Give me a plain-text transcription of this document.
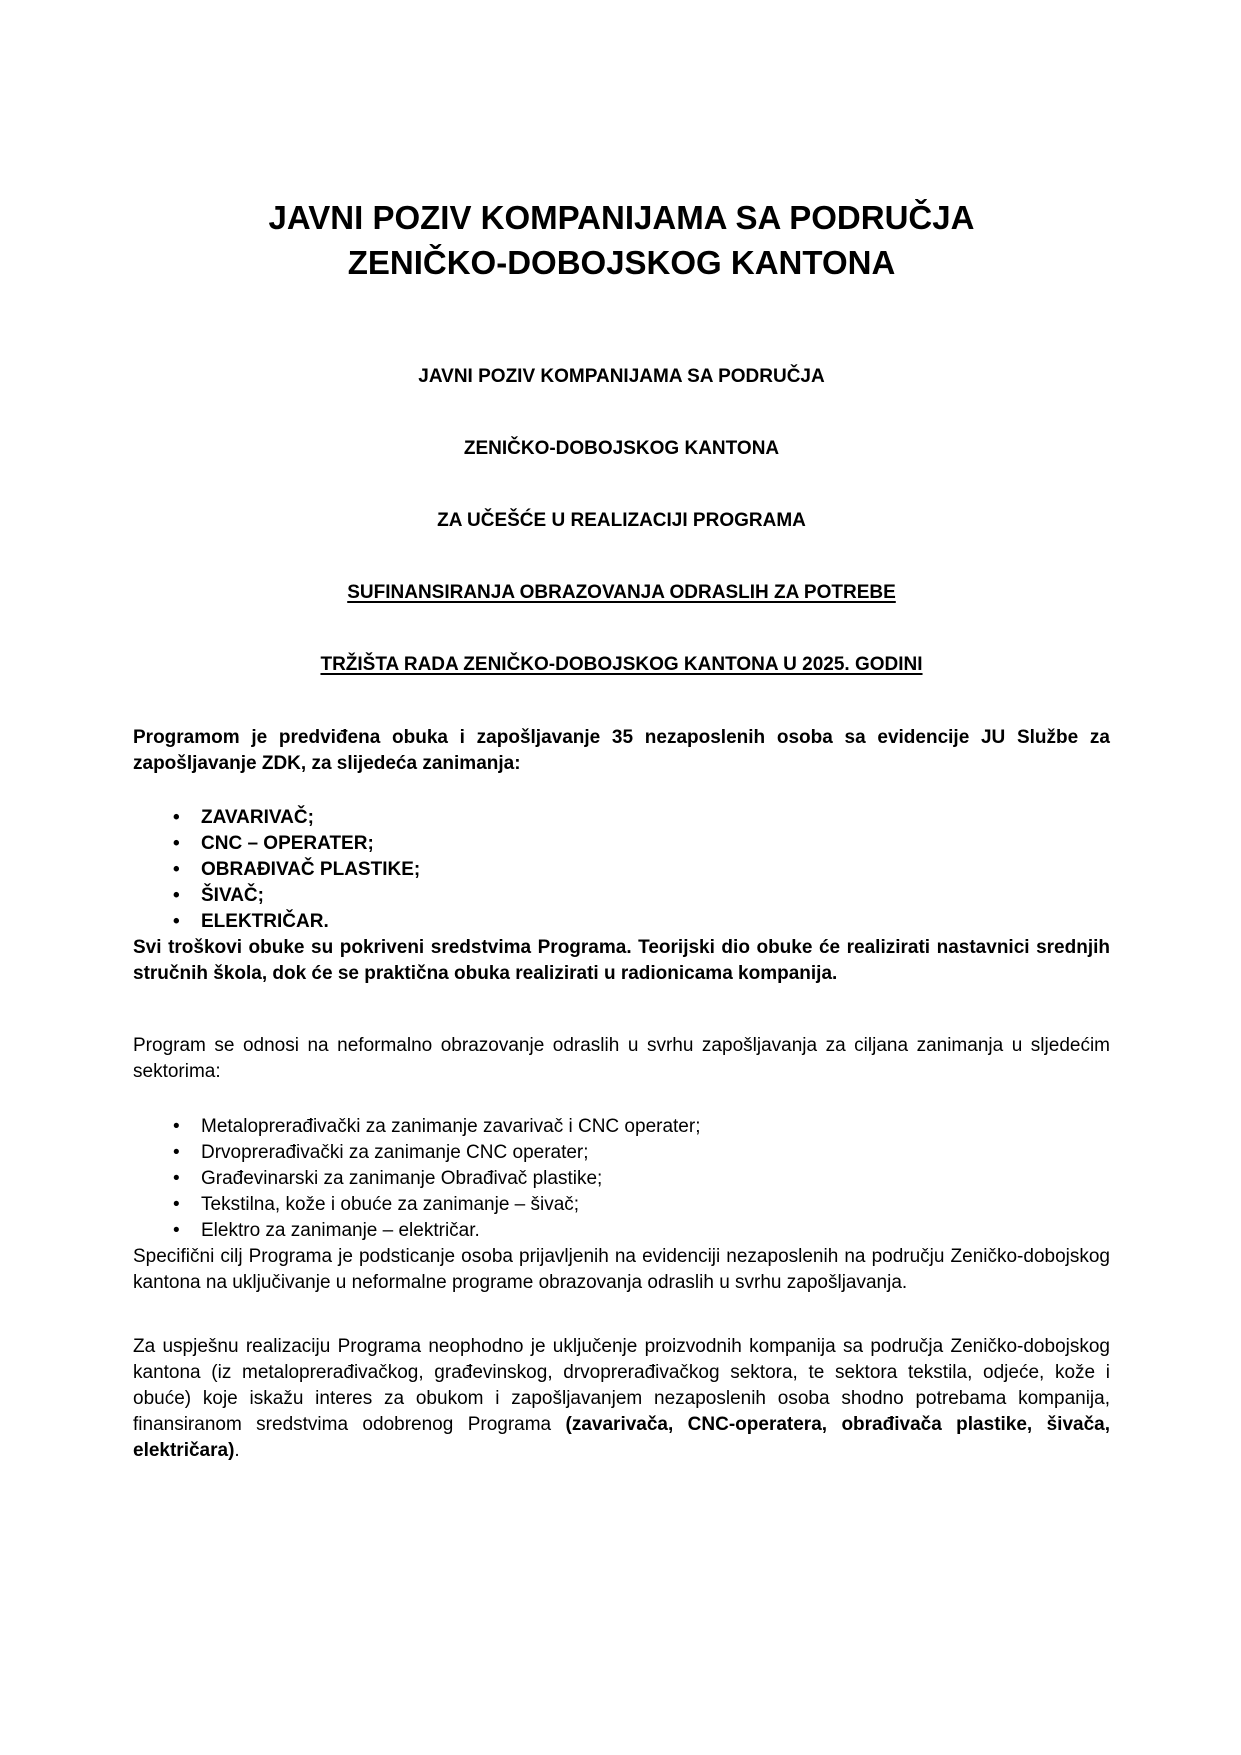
JAVNI POZIV KOMPANIJAMA SA PODRUČJA
ZENIČKO-DOBOJSKOG KANTONA
JAVNI POZIV KOMPANIJAMA SA PODRUČJA
ZENIČKO-DOBOJSKOG KANTONA
ZA UČEŠĆE U REALIZACIJI PROGRAMA
SUFINANSIRANJA OBRAZOVANJA ODRASLIH ZA POTREBE
TRŽIŠTA RADA ZENIČKO-DOBOJSKOG KANTONA U 2025. GODINI

Programom je predviđena obuka i zapošljavanje 35 nezaposlenih osoba sa evidencije JU Službe za zapošljavanje ZDK, za slijedeća zanimanja:

• ZAVARIVAČ;
• CNC – OPERATER;
• OBRAĐIVAČ PLASTIKE;
• ŠIVAČ;
• ELEKTRIČAR.

Svi troškovi obuke su pokriveni sredstvima Programa. Teorijski dio obuke će realizirati nastavnici srednjih stručnih škola, dok će se praktična obuka realizirati u radionicama kompanija.

Program se odnosi na neformalno obrazovanje odraslih u svrhu zapošljavanja za ciljana zanimanja u sljedećim sektorima:

• Metaloprerađivački za zanimanje zavarivač i CNC operater;
• Drvoprerađivački za zanimanje CNC operater;
• Građevinarski za zanimanje Obrađivač plastike;
• Tekstilna, kože i obuće za zanimanje – šivač;
• Elektro za zanimanje – električar.

Specifični cilj Programa je podsticanje osoba prijavljenih na evidenciji nezaposlenih na području Zeničko-dobojskog kantona na uključivanje u neformalne programe obrazovanja odraslih u svrhu zapošljavanja.

Za uspješnu realizaciju Programa neophodno je uključenje proizvodnih kompanija sa područja Zeničko-dobojskog kantona (iz metaloprerađivačkog, građevinskog, drvoprerađivačkog sektora, te sektora tekstila, odjeće, kože i obuće) koje iskažu interes za obukom i zapošljavanjem nezaposlenih osoba shodno potrebama kompanija, finansiranom sredstvima odobrenog Programa (zavarivača, CNC-operatera, obrađivača plastike, šivača, električara).
